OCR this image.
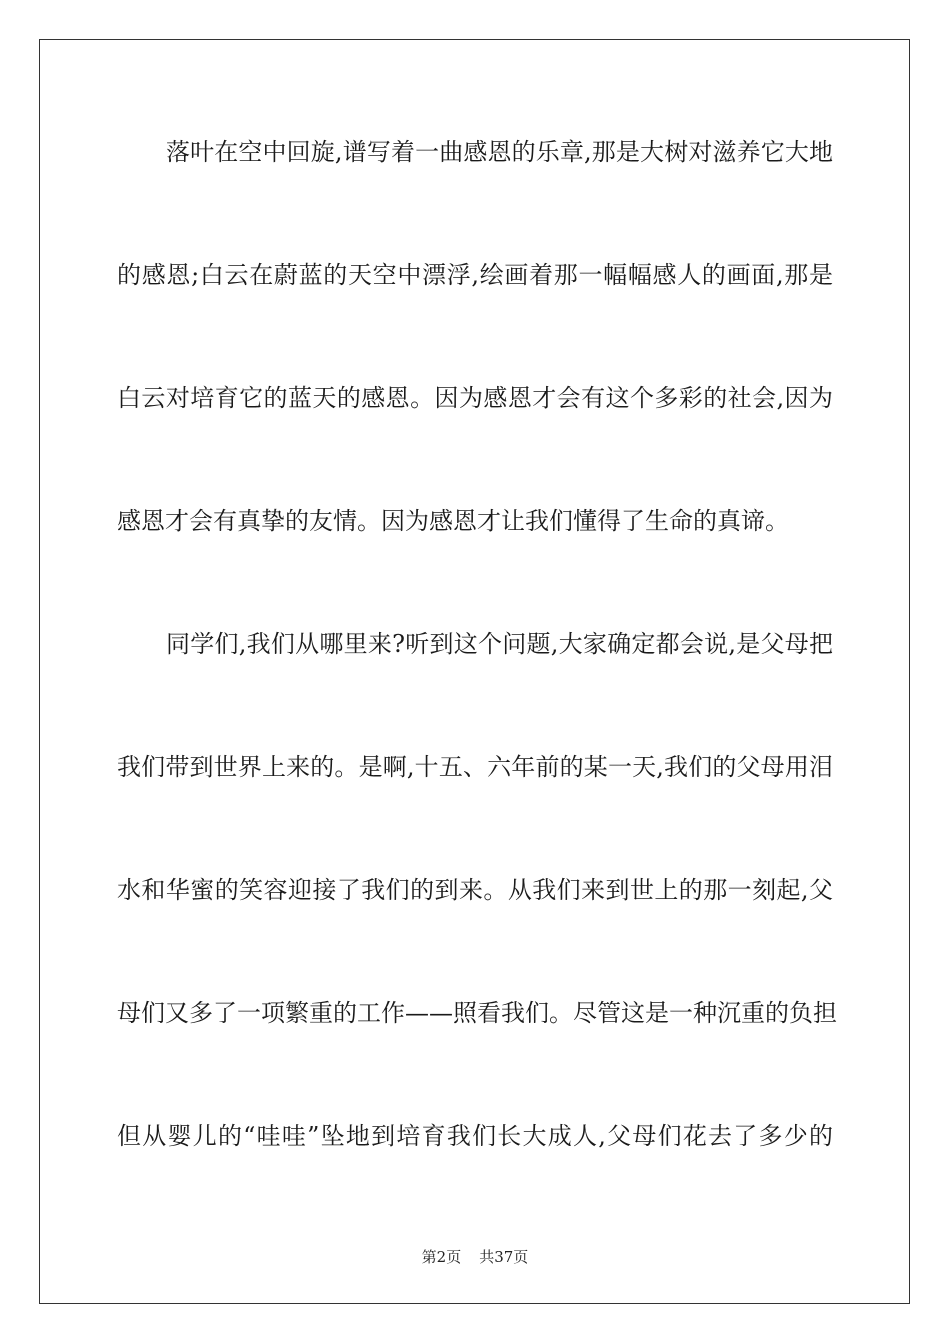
落叶在空中回旋,谱写着一曲感恩的乐章,那是大树对滋养它大地
的感恩;白云在蔚蓝的天空中漂浮,绘画着那一幅幅感人的画面,那是
白云对培育它的蓝天的感恩。因为感恩才会有这个多彩的社会,因为
感恩才会有真挚的友情。因为感恩才让我们懂得了生命的真谛。
同学们,我们从哪里来?听到这个问题,大家确定都会说,是父母把
我们带到世界上来的。是啊,十五、六年前的某一天,我们的父母用泪
水和华蜜的笑容迎接了我们的到来。从我们来到世上的那一刻起,父
母们又多了一项繁重的工作——照看我们。尽管这是一种沉重的负担
但从婴儿的“哇哇”坠地到培育我们长大成人,父母们花去了多少的
第2页 共37页
